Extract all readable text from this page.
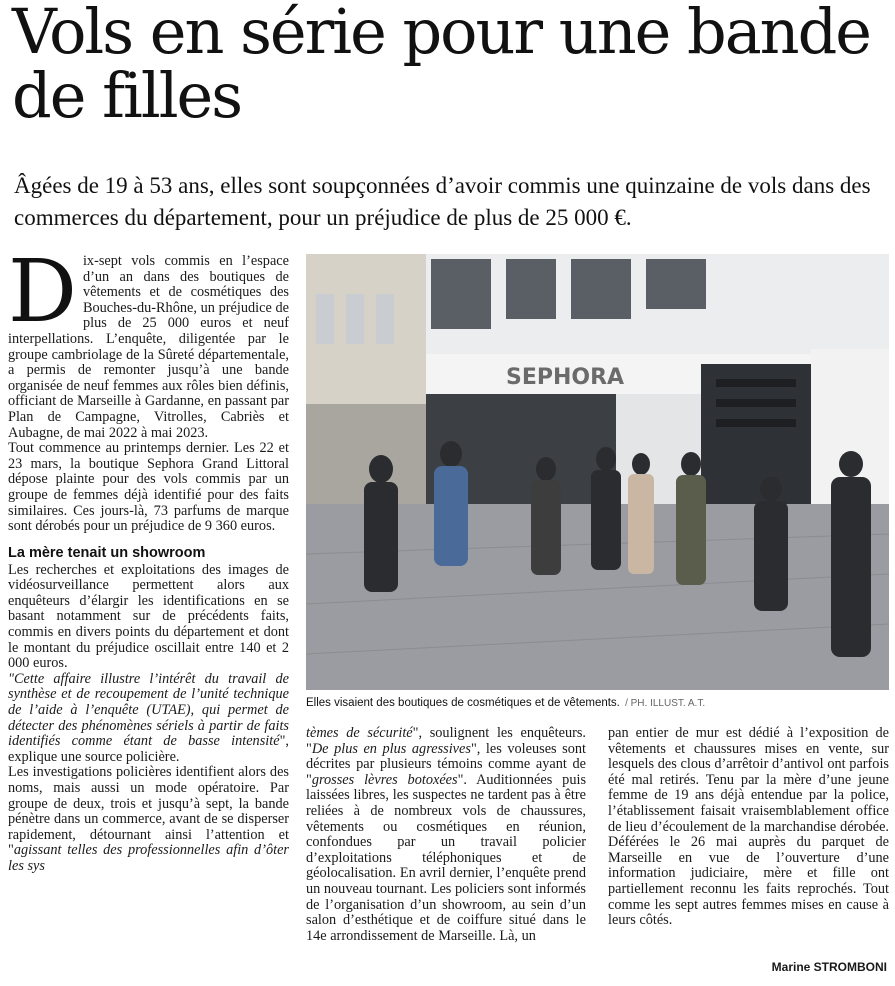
Vols en série pour une bande de filles

Âgées de 19 à 53 ans, elles sont soupçonnées d’avoir commis une quinzaine de vols dans des commerces du département, pour un préjudice de plus de 25 000 €.

D ix-sept vols commis en l’espace d’un an dans des boutiques de vêtements et de cosmétiques des Bouches-du-Rhône, un préjudice de plus de 25 000 euros et neuf interpellations. L’enquête, diligentée par le groupe cambriolage de la Sûreté départementale, a permis de remonter jusqu’à une bande organisée de neuf femmes aux rôles bien définis, officiant de Marseille à Gardanne, en passant par Plan de Campagne, Vitrolles, Cabriès et Aubagne, de mai 2022 à mai 2023.

Tout commence au printemps dernier. Les 22 et 23 mars, la boutique Sephora Grand Littoral dépose plainte pour des vols commis par un groupe de femmes déjà identifié pour des faits similaires. Ces jours-là, 73 parfums de marque sont dérobés pour un préjudice de 9 360 euros.

La mère tenait un showroom

Les recherches et exploitations des images de vidéosurveillance permettent alors aux enquêteurs d’élargir les identifications en se basant notamment sur de précédents faits, commis en divers points du département et dont le montant du préjudice oscillait entre 140 et 2 000 euros.

"Cette affaire illustre l’intérêt du travail de synthèse et de recoupement de l’unité technique de l’aide à l’enquête (UTAE), qui permet de détecter des phénomènes sériels à partir de faits identifiés comme étant de basse intensité", explique une source policière.

Les investigations policières identifient alors des noms, mais aussi un mode opératoire. Par groupe de deux, trois et jusqu’à sept, la bande pénètre dans un commerce, avant de se disperser rapidement, détournant ainsi l’attention et "agissant telles des professionnelles afin d’ôter les sys

SEPHORA
Elles visaient des boutiques de cosmétiques et de vêtements. / PH. ILLUST. A.T.

tèmes de sécurité", soulignent les enquêteurs. "De plus en plus agressives", les voleuses sont décrites par plusieurs témoins comme ayant de "grosses lèvres botoxées". Auditionnées puis laissées libres, les suspectes ne tardent pas à être reliées à de nombreux vols de chaussures, vêtements ou cosmétiques en réunion, confondues par un travail policier d’exploitations téléphoniques et de géolocalisation. En avril dernier, l’enquête prend un nouveau tournant. Les policiers sont informés de l’organisation d’un showroom, au sein d’un salon d’esthétique et de coiffure situé dans le 14e arrondissement de Marseille. Là, un

pan entier de mur est dédié à l’exposition de vêtements et chaussures mises en vente, sur lesquels des clous d’arrêtoir d’antivol ont parfois été mal retirés. Tenu par la mère d’une jeune femme de 19 ans déjà entendue par la police, l’établissement faisait vraisemblablement office de lieu d’écoulement de la marchandise dérobée. Déférées le 26 mai auprès du parquet de Marseille en vue de l’ouverture d’une information judiciaire, mère et fille ont partiellement reconnu les faits reprochés. Tout comme les sept autres femmes mises en cause à leurs côtés.

Marine STROMBONI
